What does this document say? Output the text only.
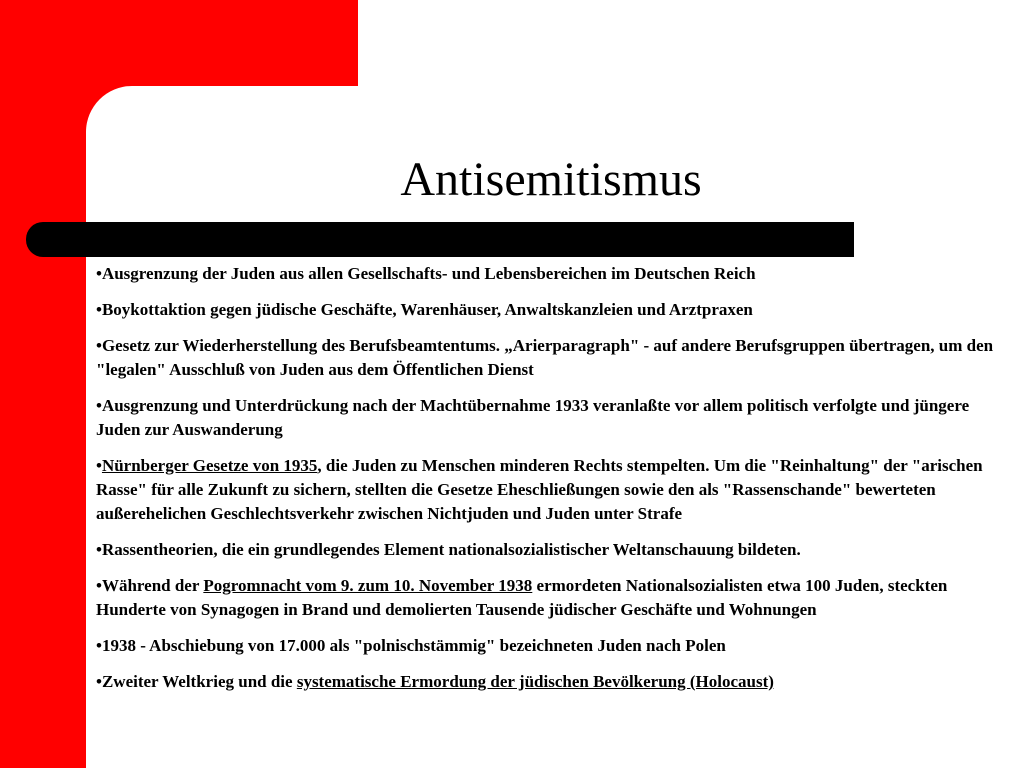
Antisemitismus
•Ausgrenzung der Juden aus allen Gesellschafts- und Lebensbereichen im Deutschen Reich
•Boykottaktion gegen jüdische Geschäfte, Warenhäuser, Anwaltskanzleien und Arztpraxen
•Gesetz zur Wiederherstellung des Berufsbeamtentums. „Arierparagraph" - auf andere Berufsgruppen übertragen, um den "legalen" Ausschluß von Juden aus dem Öffentlichen Dienst
•Ausgrenzung und Unterdrückung nach der Machtübernahme 1933 veranlaßte vor allem politisch verfolgte und jüngere Juden zur Auswanderung
•Nürnberger Gesetze von 1935, die Juden zu Menschen minderen Rechts stempelten. Um die "Reinhaltung" der "arischen Rasse" für alle Zukunft zu sichern, stellten die Gesetze Eheschließungen sowie den als "Rassenschande" bewerteten außerehelichen Geschlechtsverkehr zwischen Nichtjuden und Juden unter Strafe
•Rassentheorien, die ein grundlegendes Element nationalsozialistischer Weltanschauung bildeten.
•Während der Pogromnacht vom 9. zum 10. November 1938 ermordeten Nationalsozialisten etwa 100 Juden, steckten Hunderte von Synagogen in Brand und demolierten Tausende jüdischer Geschäfte und Wohnungen
•1938 - Abschiebung von 17.000 als "polnischstämmig" bezeichneten Juden nach Polen
•Zweiter Weltkrieg und die systematische Ermordung der jüdischen Bevölkerung (Holocaust)
